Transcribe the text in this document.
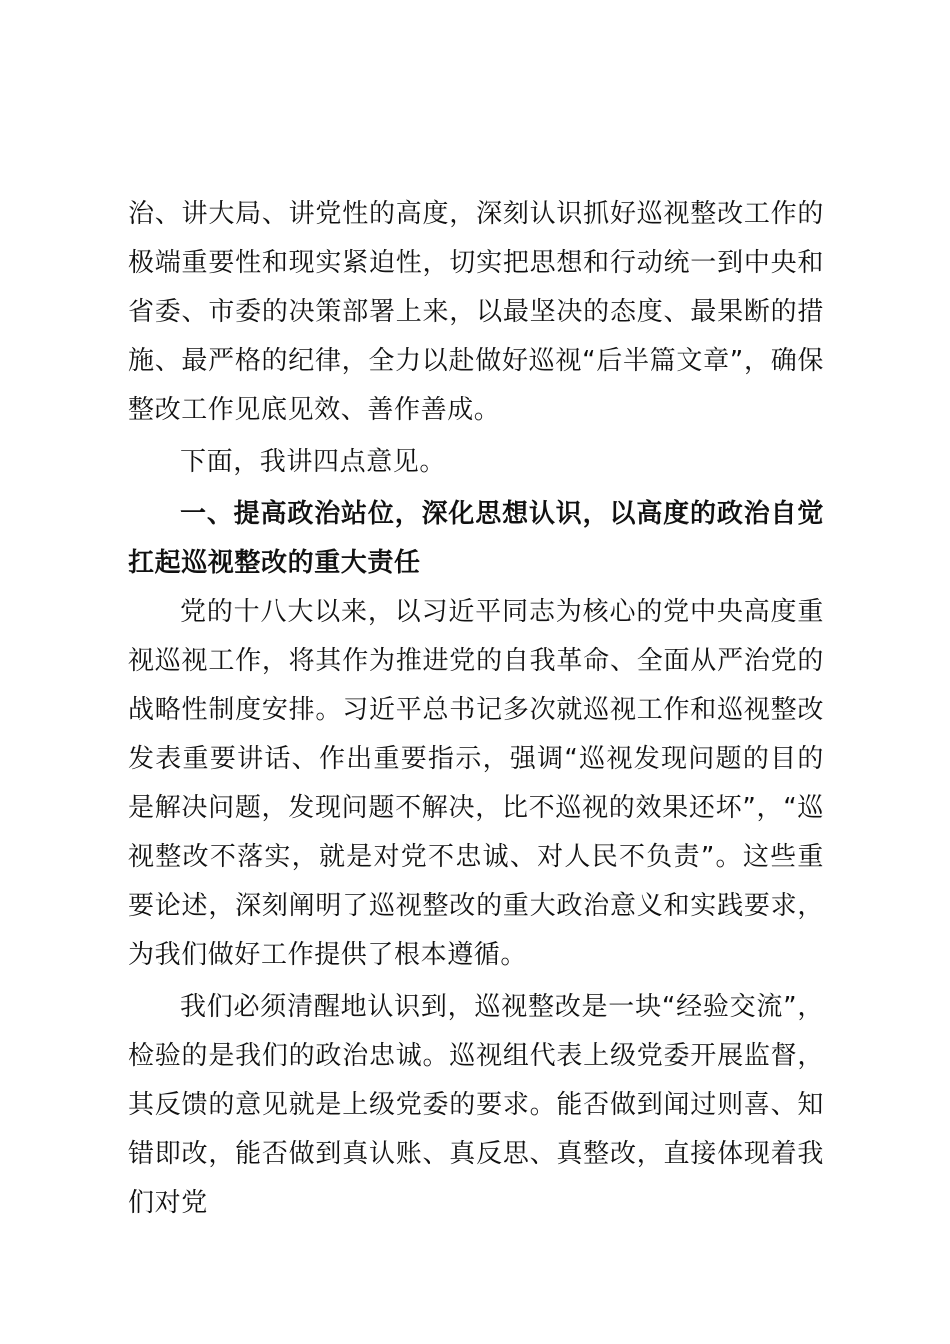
治、讲大局、讲党性的高度，深刻认识抓好巡视整改工作的极端重要性和现实紧迫性，切实把思想和行动统一到中央和省委、市委的决策部署上来，以最坚决的态度、最果断的措施、最严格的纪律，全力以赴做好巡视“后半篇文章”，确保整改工作见底见效、善作善成。

下面，我讲四点意见。

一、提高政治站位，深化思想认识，以高度的政治自觉扛起巡视整改的重大责任

党的十八大以来，以习近平同志为核心的党中央高度重视巡视工作，将其作为推进党的自我革命、全面从严治党的战略性制度安排。习近平总书记多次就巡视工作和巡视整改发表重要讲话、作出重要指示，强调“巡视发现问题的目的是解决问题，发现问题不解决，比不巡视的效果还坏”，“巡视整改不落实，就是对党不忠诚、对人民不负责”。这些重要论述，深刻阐明了巡视整改的重大政治意义和实践要求，为我们做好工作提供了根本遵循。

我们必须清醒地认识到，巡视整改是一块“经验交流”，检验的是我们的政治忠诚。巡视组代表上级党委开展监督，其反馈的意见就是上级党委的要求。能否做到闻过则喜、知错即改，能否做到真认账、真反思、真整改，直接体现着我们对党
